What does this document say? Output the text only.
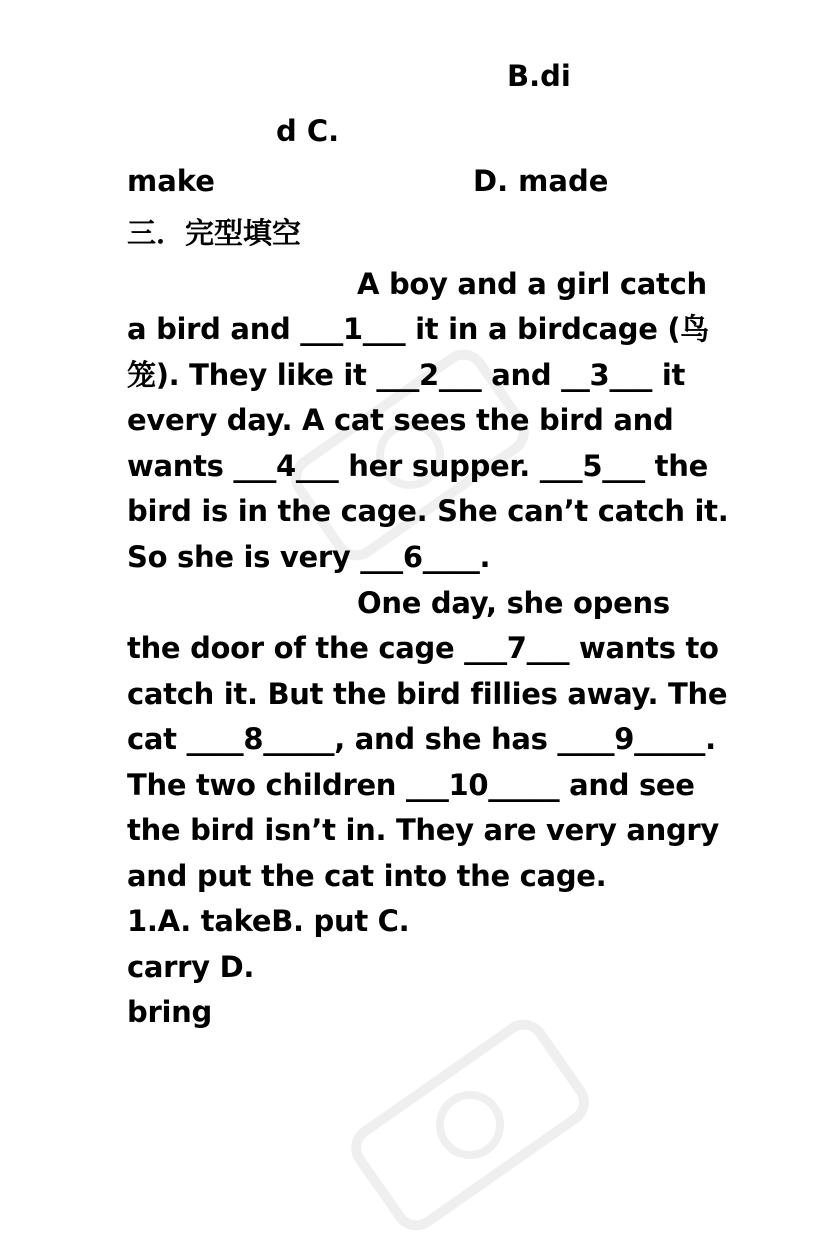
B.di
d C.
make	D. made
三．完型填空
A boy and a girl catch
a bird and ___1___ it in a birdcage (鸟
笼). They like it ___2___ and __3___ it
every day. A cat sees the bird and
wants ___4___ her supper. ___5___ the
bird is in the cage. She can’t catch it.
So she is very ___6____.
One day, she opens
the door of the cage ___7___ wants to
catch it. But the bird fillies away. The
cat ____8_____, and she has ____9_____.
The two children ___10_____ and see
the bird isn’t in. They are very angry
and put the cat into the cage.
1.A. takeB. put C.
carry D.
bring
